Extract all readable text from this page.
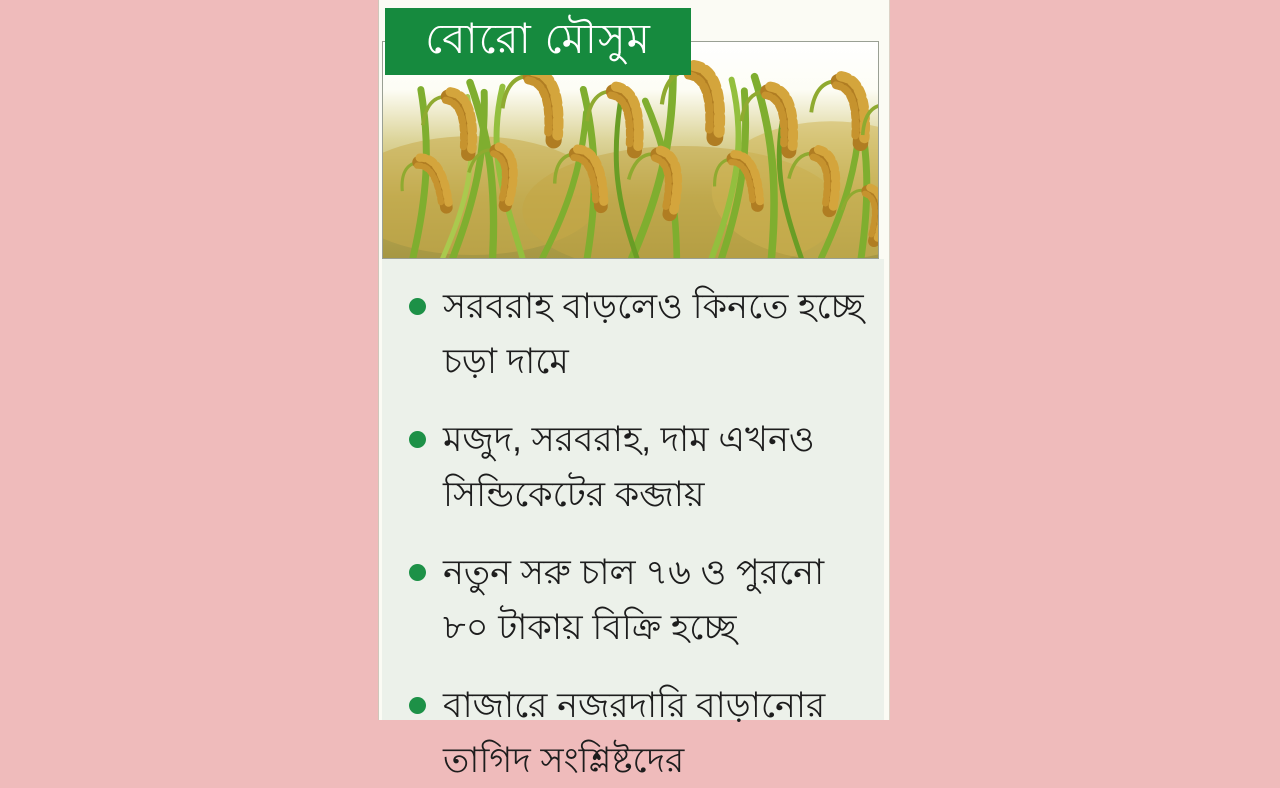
বোরো মৌসুম
সরবরাহ বাড়লেও কিনতে হচ্ছে চড়া দামে
মজুদ, সরবরাহ, দাম এখনও সিন্ডিকেটের কব্জায়
নতুন সরু চাল ৭৬ ও পুরনো ৮০ টাকায় বিক্রি হচ্ছে
বাজারে নজরদারি বাড়ানোর তাগিদ সংশ্লিষ্টদের
